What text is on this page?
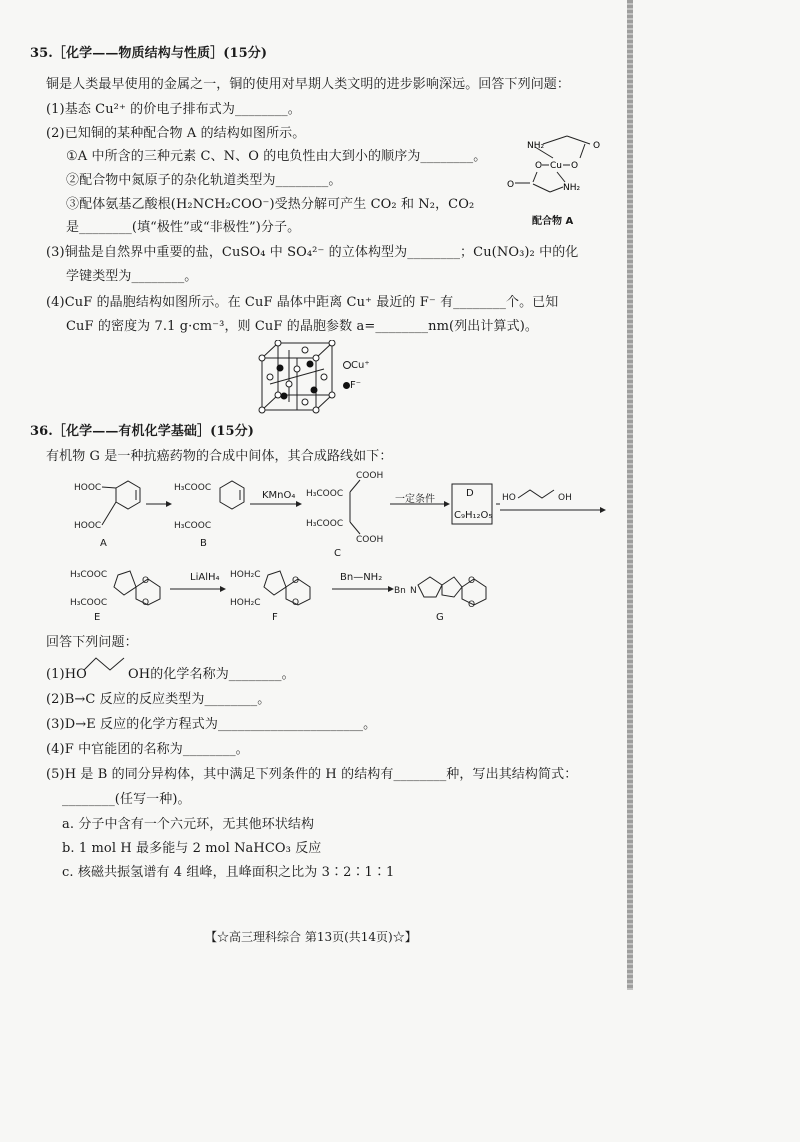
35.［化学——物质结构与性质］(15分)
铜是人类最早使用的金属之一，铜的使用对早期人类文明的进步影响深远。回答下列问题：
(1)基态 Cu²⁺ 的价电子排布式为________。
(2)已知铜的某种配合物 A 的结构如图所示。
①A 中所含的三种元素 C、N、O 的电负性由大到小的顺序为________。
②配合物中氮原子的杂化轨道类型为________。
③配体氨基乙酸根(H₂NCH₂COO⁻)受热分解可产生 CO₂ 和 N₂，CO₂
是________(填“极性”或“非极性”)分子。
NH₂	O
O Cu O
O	NH₂
配合物 A
(3)铜盐是自然界中重要的盐，CuSO₄ 中 SO₄²⁻ 的立体构型为________；Cu(NO₃)₂ 中的化
学键类型为________。
(4)CuF 的晶胞结构如图所示。在 CuF 晶体中距离 Cu⁺ 最近的 F⁻ 有________个。已知
CuF 的密度为 7.1 g·cm⁻³，则 CuF 的晶胞参数 a=________nm(列出计算式)。
Cu⁺
F⁻
36.［化学——有机化学基础］(15分)
有机物 G 是一种抗癌药物的合成中间体，其合成路线如下：
HOOC
HOOC
H₃COOC
H₃COOC
COOH
H₃COOC
H₃COOC
COOH
HO	OH
A	B
C
KMnO₄	一定条件
D
C₉H₁₂O₅
H₃COOC
H₃COOC
O
O
HOH₂C
HOH₂C
O
O
Bn N
O
O
LiAlH₄	Bn—NH₂
E	F	G
回答下列问题：
(1)HO	OH的化学名称为________。
(2)B→C 反应的反应类型为________。
(3)D→E 反应的化学方程式为______________________。
(4)F 中官能团的名称为________。
(5)H 是 B 的同分异构体，其中满足下列条件的 H 的结构有________种，写出其结构简式：
________(任写一种)。
a. 分子中含有一个六元环，无其他环状结构
b. 1 mol H 最多能与 2 mol NaHCO₃ 反应
c. 核磁共振氢谱有 4 组峰，且峰面积之比为 3∶2∶1∶1
【☆高三理科综合 第13页(共14页)☆】
